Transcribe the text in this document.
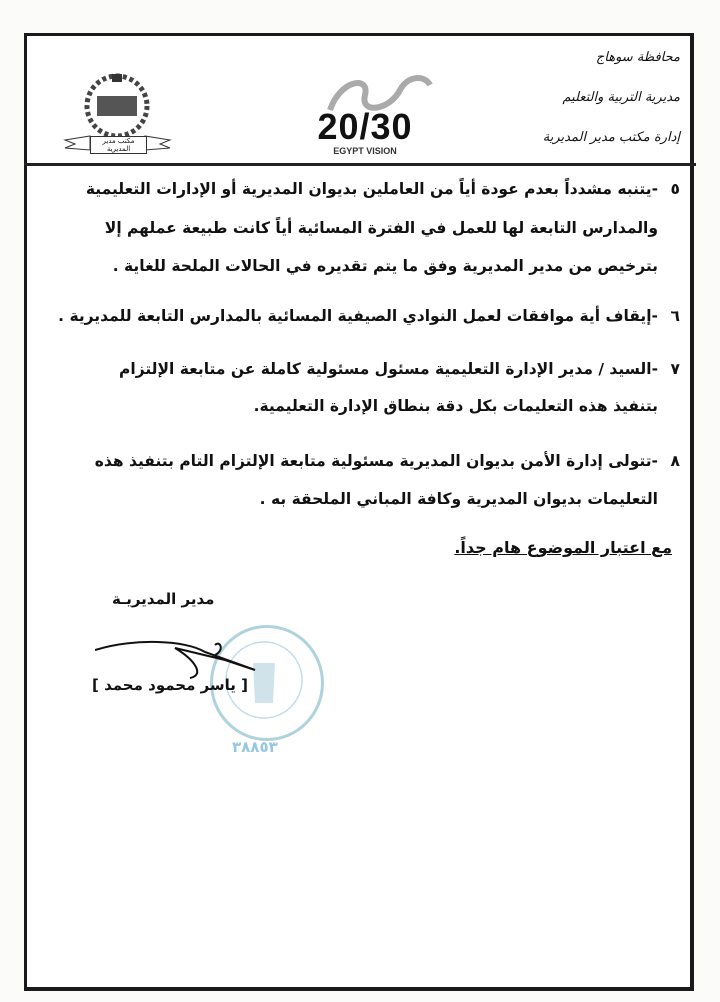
محافظة سوهاج
مديرية التربية والتعليم
إدارة مكتب مدير المديرية
20/30
EGYPT VISION
مكتب مدير المديرية
٥
-يتنبه مشدداً بعدم عودة أياً من العاملين بديوان المديرية أو الإدارات التعليمية
والمدارس التابعة لها للعمل في الفترة المسائية أياً كانت طبيعة عملهم إلا
بترخيص من مدير المديرية وفق ما يتم تقديره في الحالات الملحة للغاية .
٦
-إيقاف أية موافقات لعمل النوادي الصيفية المسائية بالمدارس التابعة للمديرية .
٧
-السيد / مدير الإدارة التعليمية مسئول مسئولية كاملة عن متابعة الإلتزام
بتنفيذ هذه التعليمات بكل دقة بنطاق الإدارة التعليمية.
٨
-تتولى إدارة الأمن بديوان المديرية مسئولية متابعة الإلتزام التام بتنفيذ هذه
التعليمات بديوان المديرية وكافة المباني الملحقة به .
مع اعتبار الموضوع هام جداً.
مدير المديريـة
[ ياسر محمود محمد ]
٣٨٨٥٣
